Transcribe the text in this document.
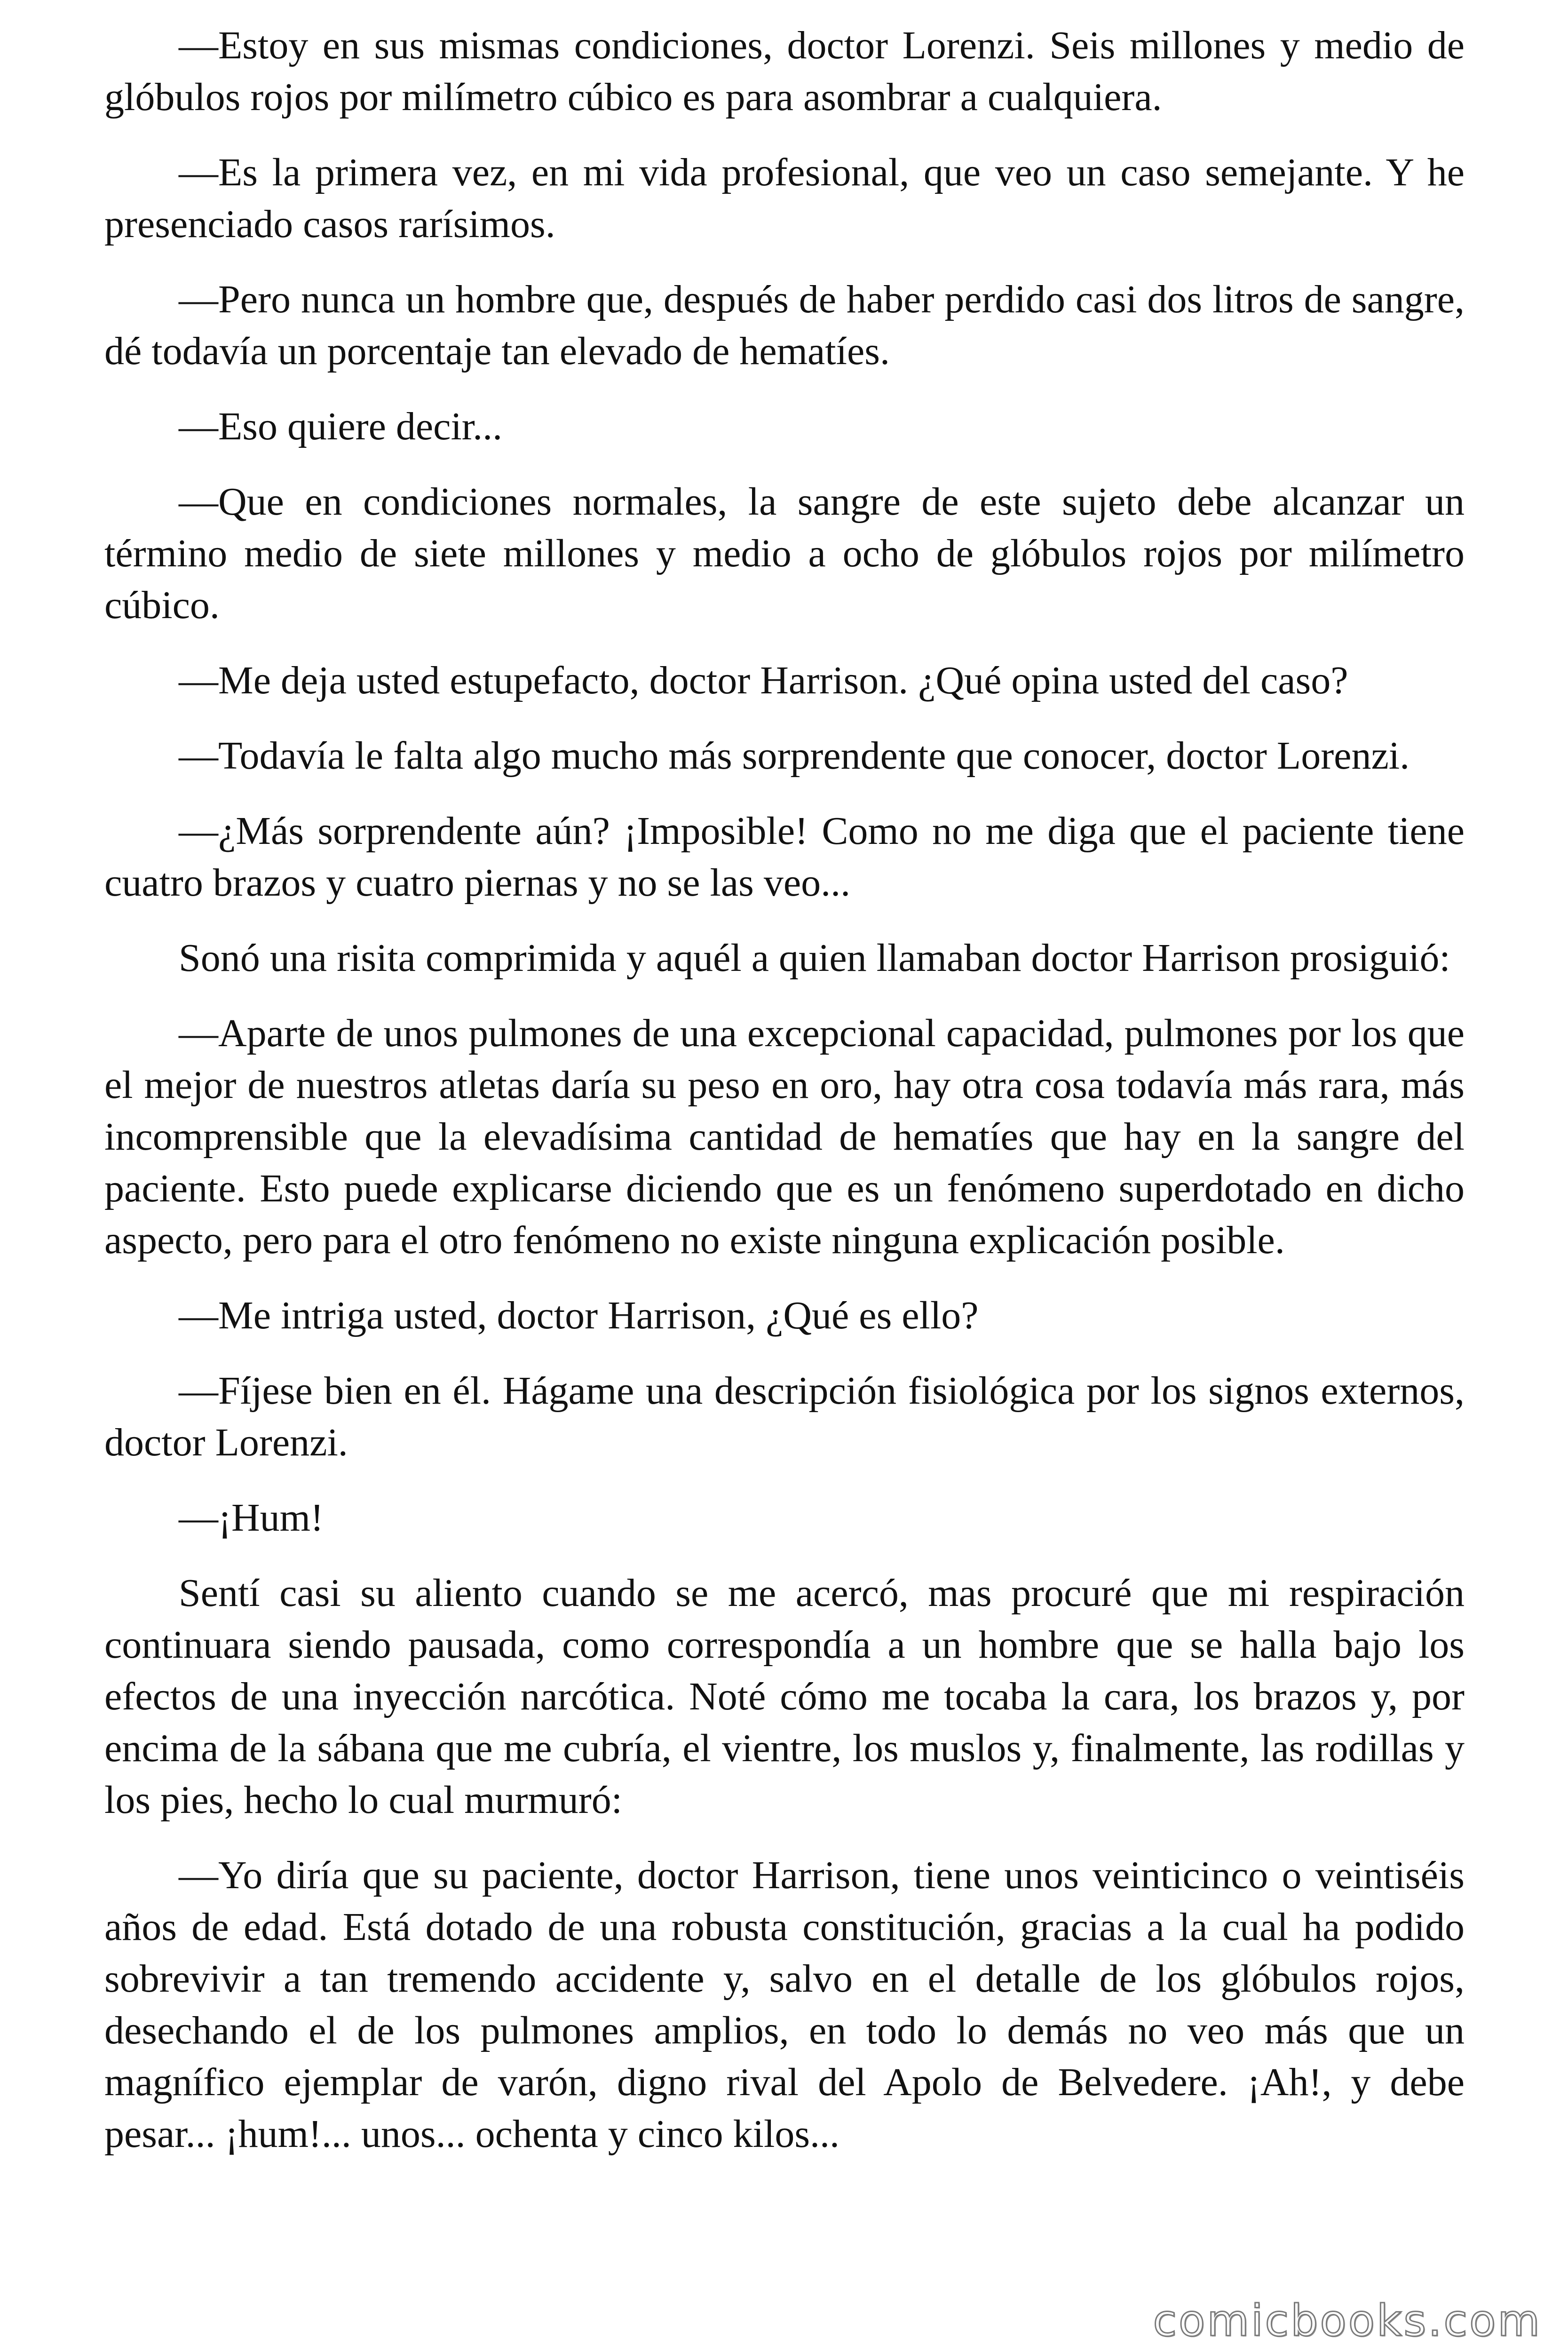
—Estoy en sus mismas condiciones, doctor Lorenzi. Seis millones y medio de glóbulos rojos por milímetro cúbico es para asombrar a cualquiera.

—Es la primera vez, en mi vida profesional, que veo un caso semejante. Y he presenciado casos rarísimos.

—Pero nunca un hombre que, después de haber perdido casi dos litros de sangre, dé todavía un porcentaje tan elevado de hematíes.

—Eso quiere decir...

—Que en condiciones normales, la sangre de este sujeto debe alcanzar un término medio de siete millones y medio a ocho de glóbulos rojos por milímetro cúbico.

—Me deja usted estupefacto, doctor Harrison. ¿Qué opina usted del caso?

—Todavía le falta algo mucho más sorprendente que conocer, doctor Lorenzi.

—¿Más sorprendente aún? ¡Imposible! Como no me diga que el paciente tiene cuatro brazos y cuatro piernas y no se las veo...

Sonó una risita comprimida y aquél a quien llamaban doctor Harrison prosiguió:

—Aparte de unos pulmones de una excepcional capacidad, pulmones por los que el mejor de nuestros atletas daría su peso en oro, hay otra cosa todavía más rara, más incomprensible que la elevadísima cantidad de hematíes que hay en la sangre del paciente. Esto puede explicarse diciendo que es un fenómeno superdotado en dicho aspecto, pero para el otro fenómeno no existe ninguna explicación posible.

—Me intriga usted, doctor Harrison, ¿Qué es ello?

—Fíjese bien en él. Hágame una descripción fisiológica por los signos externos, doctor Lorenzi.

—¡Hum!

Sentí casi su aliento cuando se me acercó, mas procuré que mi respiración continuara siendo pausada, como correspondía a un hombre que se halla bajo los efectos de una inyección narcótica. Noté cómo me tocaba la cara, los brazos y, por encima de la sábana que me cubría, el vientre, los muslos y, finalmente, las rodillas y los pies, hecho lo cual murmuró:

—Yo diría que su paciente, doctor Harrison, tiene unos veinticinco o veintiséis años de edad. Está dotado de una robusta constitución, gracias a la cual ha podido sobrevivir a tan tremendo accidente y, salvo en el detalle de los glóbulos rojos, desechando el de los pulmones amplios, en todo lo demás no veo más que un magnífico ejemplar de varón, digno rival del Apolo de Belvedere. ¡Ah!, y debe pesar... ¡hum!... unos... ochenta y cinco kilos...

comicbooks.com
